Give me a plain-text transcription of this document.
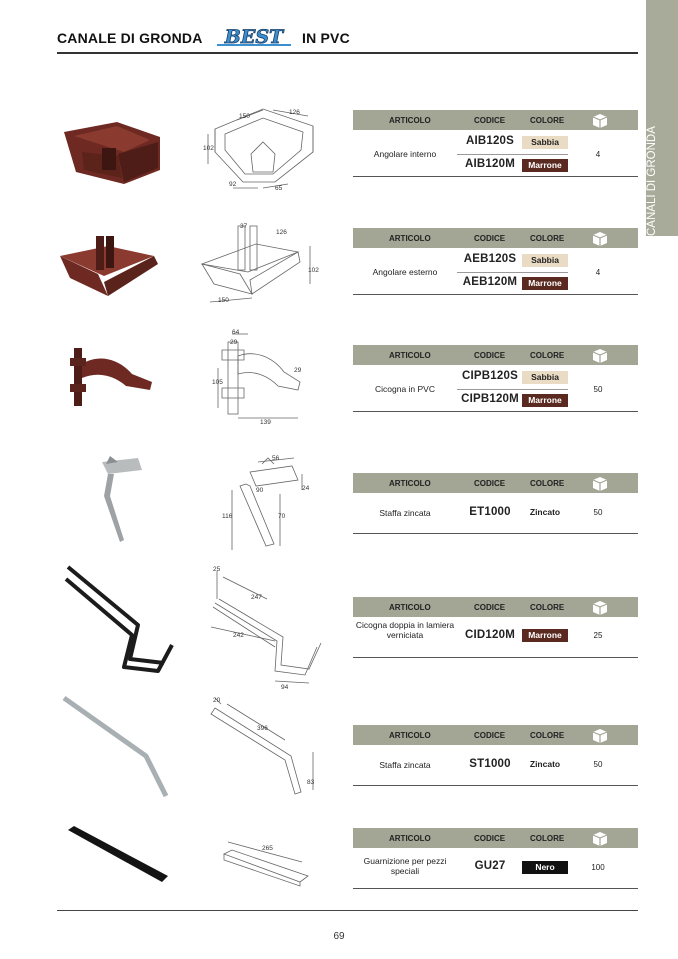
CANALE DI GRONDA BEST IN PVC
CANALI DI GRONDA
150
126
102
92
65
ARTICOLO	CODICE	COLORE
Angolare interno
AIB120S	Sabbia
AIB120M	Marrone
4
37
126
102
150
ARTICOLO	CODICE	COLORE
Angolare esterno
AEB120S	Sabbia
AEB120M	Marrone
4
64
29
105
29
139
ARTICOLO	CODICE	COLORE
Cicogna in PVC
CIPB120S	Sabbia
CIPB120M	Marrone
50
56
90	24
116	70
ARTICOLO	CODICE	COLORE
Staffa zincata	ET1000	Zincato	50
25
247
242
94
ARTICOLO	CODICE	COLORE
Cicogna doppia in lamiera verniciata	CID120M	Marrone	25
20
396
83
ARTICOLO	CODICE	COLORE
Staffa zincata	ST1000	Zincato	50
265
ARTICOLO	CODICE	COLORE
Guarnizione per pezzi speciali	GU27	Nero	100
69
